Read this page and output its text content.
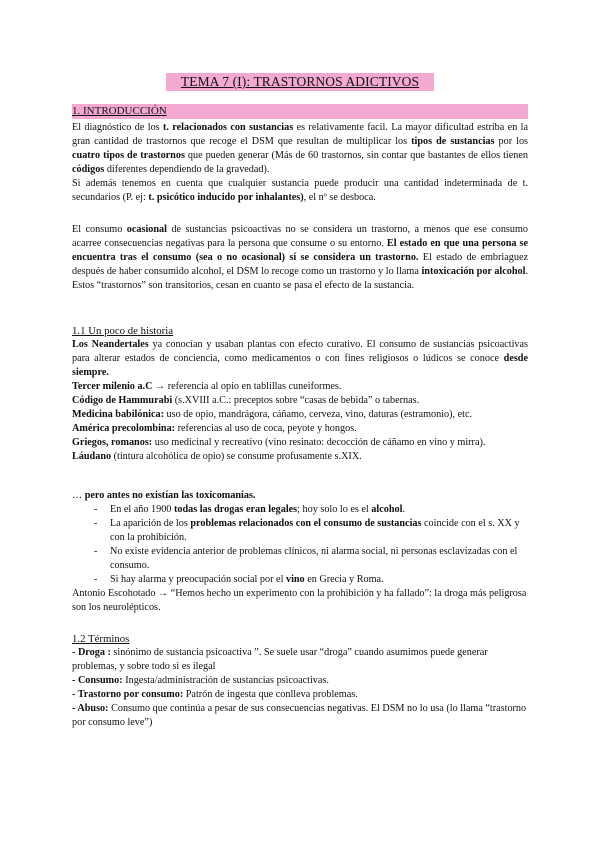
TEMA 7 (I): TRASTORNOS ADICTIVOS
1. INTRODUCCIÓN

El diagnóstico de los t. relacionados con sustancias es relativamente facil. La mayor dificultad estriba en la gran cantidad de trastornos que recoge el DSM que resultan de multiplicar los tipos de sustancias por los cuatro tipos de trastornos que pueden generar (Más de 60 trastornos, sin contar que bastantes de ellos tienen códigos diferentes dependiendo de la gravedad).

Si además tenemos en cuenta que cualquier sustancia puede producir una cantidad indeterminada de t. secundarios (P. ej: t. psicótico inducido por inhalantes), el nº se desboca.

El consumo ocasional de sustancias psicoactivas no se considera un trastorno, a menos que ese consumo acarree consecuencias negativas para la persona que consume o su entorno. El estado en que una persona se encuentra tras el consumo (sea o no ocasional) sí se considera un trastorno. El estado de embriaguez después de haber consumido alcohol, el DSM lo recoge como un trastorno y lo llama intoxicación por alcohol. Estos “trastornos” son transitorios, cesan en cuanto se pasa el efecto de la sustancia.

1.1 Un poco de historia

Los Neandertales ya conocían y usaban plantas con efecto curativo. El consumo de sustancias psicoactivas para alterar estados de conciencia, como medicamentos o con fines religiosos o lúdicos se conoce desde siempre.

Tercer milenio a.C → referencia al opio en tablillas cuneiformes.

Código de Hammurabi (s.XVIII a.C.: preceptos sobre “casas de bebida” o tabernas.

Medicina babilónica: uso de opio, mandrágora, cáñamo, cerveza, vino, daturas (estramonio), etc.

América precolombina: referencias al uso de coca, peyote y hongos.

Griegos, romanos: uso medicinal y recreativo (vino resinato: decocción de cáñamo en vino y mirra).

Láudano (tintura alcohólica de opio) se consume profusamente s.XIX.

… pero antes no existían las toxicomanías.

- En el año 1900 todas las drogas eran legales; hoy solo lo es el alcohol.
- La aparición de los problemas relacionados con el consumo de sustancias coincide con el s. XX y con la prohibición.
- No existe evidencia anterior de problemas clínicos, ni alarma social, ni personas esclavizadas con el consumo.
- Si hay alarma y preocupación social por el vino en Grecia y Roma.

Antonio Escohotado → “Hemos hecho un experimento con la prohibición y ha fallado”: la droga más peligrosa son los neurolépticos.

1.2 Términos

- Droga : sinónimo de sustancia psicoactiva ”. Se suele usar “droga” cuando asumimos puede generar problemas, y sobre todo si es ilegal

- Consumo: Ingesta/administración de sustancias psicoactivas.

- Trastorno por consumo: Patrón de ingesta que conlleva problemas.

- Abuso: Consumo que continúa a pesar de sus consecuencias negativas. El DSM no lo usa (lo llama “trastorno por consumo leve”)
